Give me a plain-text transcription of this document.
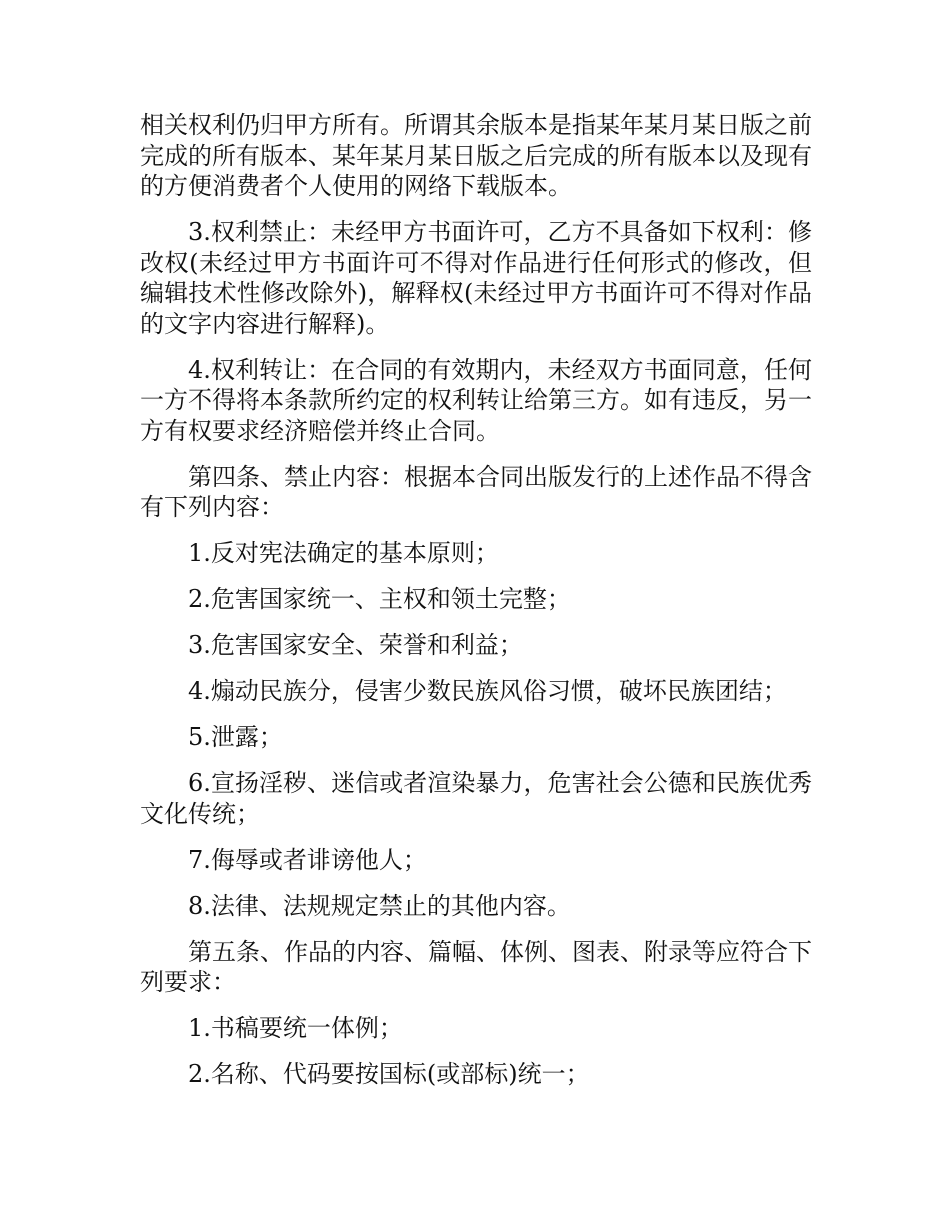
相关权利仍归甲方所有。所谓其余版本是指某年某月某日版之前完成的所有版本、某年某月某日版之后完成的所有版本以及现有的方便消费者个人使用的网络下载版本。

3.权利禁止：未经甲方书面许可，乙方不具备如下权利：修改权(未经过甲方书面许可不得对作品进行任何形式的修改，但编辑技术性修改除外)，解释权(未经过甲方书面许可不得对作品的文字内容进行解释)。

4.权利转让：在合同的有效期内，未经双方书面同意，任何一方不得将本条款所约定的权利转让给第三方。如有违反，另一方有权要求经济赔偿并终止合同。

第四条、禁止内容：根据本合同出版发行的上述作品不得含有下列内容：

1.反对宪法确定的基本原则；

2.危害国家统一、主权和领土完整；

3.危害国家安全、荣誉和利益；

4.煽动民族分，侵害少数民族风俗习惯，破坏民族团结；

5.泄露；

6.宣扬淫秽、迷信或者渲染暴力，危害社会公德和民族优秀文化传统；

7.侮辱或者诽谤他人；

8.法律、法规规定禁止的其他内容。

第五条、作品的内容、篇幅、体例、图表、附录等应符合下列要求：

1.书稿要统一体例；

2.名称、代码要按国标(或部标)统一；
